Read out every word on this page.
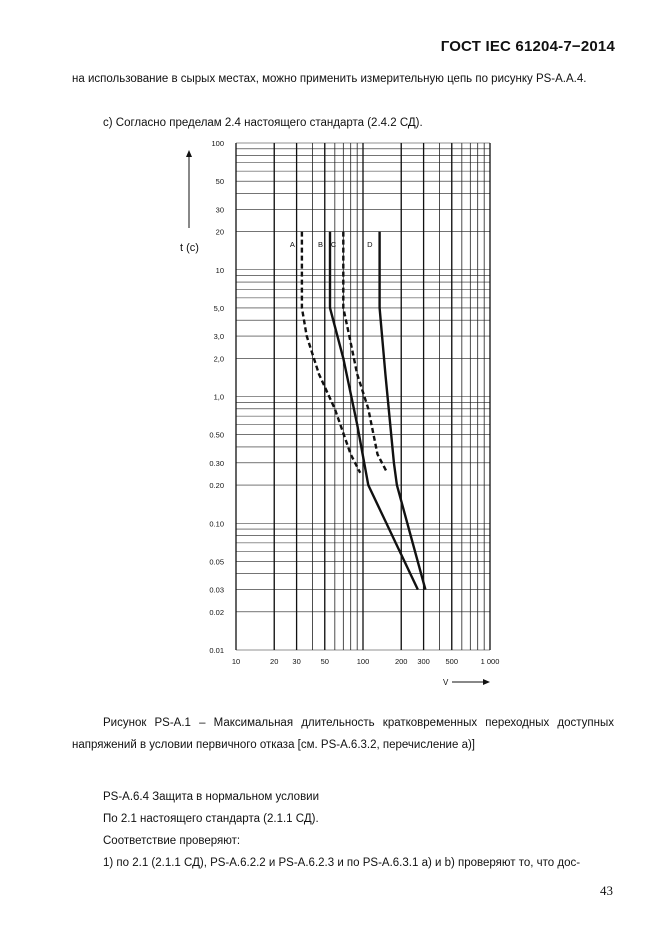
ГОСТ IEC 61204-7−2014
на использование в сырых местах, можно применить измерительную цепь по рисунку PS-А.А.4.
с) Согласно пределам 2.4 настоящего стандарта (2.4.2 СД).
0.01
0.02
0.03
0.05
0.10
0.20
0.30
0.50
1,0
2,0
3,0
5,0
10
20
30
50
100
10	20 30	50	100	200 300 500	1 000
A	B C	D
t (c)
V
Рисунок PS-A.1 – Максимальная длительность кратковременных переходных доступных напряжений в условии первичного отказа [см. PS-A.6.3.2, перечисление а)]
PS-A.6.4 Защита в нормальном условии
По 2.1 настоящего стандарта (2.1.1 СД).
Соответствие проверяют:
1) по 2.1 (2.1.1 СД), PS-A.6.2.2 и PS-A.6.2.3 и по PS-A.6.3.1 а) и b) проверяют то, что дос-
43
